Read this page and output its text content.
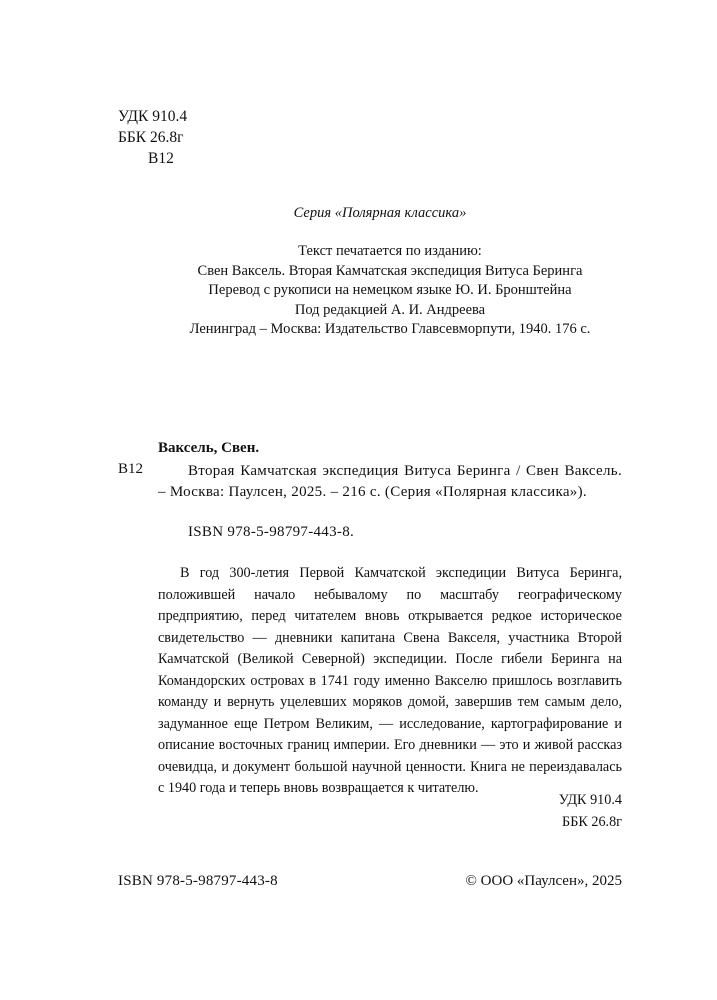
УДК 910.4
ББК 26.8г
В12
Серия «Полярная классика»
Текст печатается по изданию:
Свен Ваксель. Вторая Камчатская экспедиция Витуса Беринга
Перевод с рукописи на немецком языке Ю. И. Бронштейна
Под редакцией А. И. Андреева
Ленинград – Москва: Издательство Главсевморпути, 1940. 176 с.
Ваксель, Свен.
В12	Вторая Камчатская экспедиция Витуса Беринга / Свен Ваксель. – Москва: Паулсен, 2025. – 216 с. (Серия «Полярная классика»).
ISBN 978-5-98797-443-8.
В год 300-летия Первой Камчатской экспедиции Витуса Беринга, положившей начало небывалому по масштабу географическому предприятию, перед читателем вновь открывается редкое историческое свидетельство — дневники капитана Свена Вакселя, участника Второй Камчатской (Великой Северной) экспедиции. После гибели Беринга на Командорских островах в 1741 году именно Вакселю пришлось возглавить команду и вернуть уцелевших моряков домой, завершив тем самым дело, задуманное еще Петром Великим, — исследование, картографирование и описание восточных границ империи. Его дневники — это и живой рассказ очевидца, и документ большой научной ценности. Книга не переиздавалась с 1940 года и теперь вновь возвращается к читателю.
УДК 910.4
ББК 26.8г
ISBN 978-5-98797-443-8	© ООО «Паулсен», 2025
